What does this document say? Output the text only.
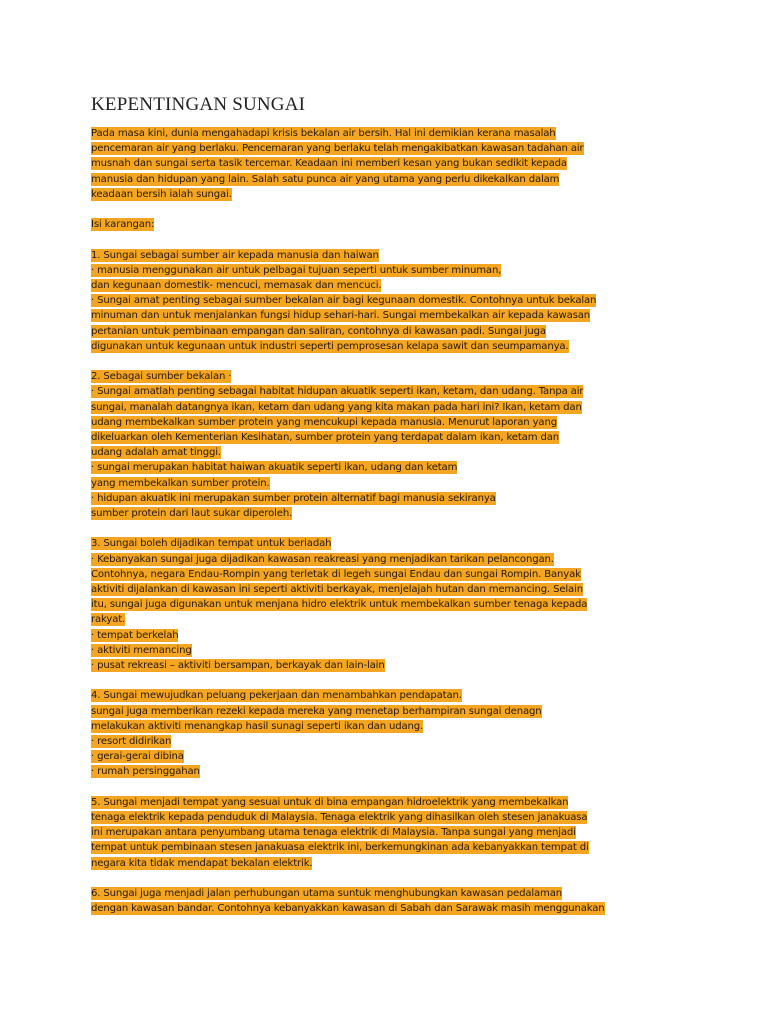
KEPENTINGAN SUNGAI

Pada masa kini, dunia mengahadapi krisis bekalan air bersih. Hal ini demikian kerana masalah
pencemaran air yang berlaku. Pencemaran yang berlaku telah mengakibatkan kawasan tadahan air
musnah dan sungai serta tasik tercemar. Keadaan ini memberi kesan yang bukan sedikit kepada
manusia dan hidupan yang lain. Salah satu punca air yang utama yang perlu dikekalkan dalam
keadaan bersih ialah sungai.

Isi karangan:

1. Sungai sebagai sumber air kepada manusia dan haiwan
· manusia menggunakan air untuk pelbagai tujuan seperti untuk sumber minuman,
dan kegunaan domestik- mencuci, memasak dan mencuci.
· Sungai amat penting sebagai sumber bekalan air bagi kegunaan domestik. Contohnya untuk bekalan
minuman dan untuk menjalankan fungsi hidup sehari-hari. Sungai membekalkan air kepada kawasan
pertanian untuk pembinaan empangan dan saliran, contohnya di kawasan padi. Sungai juga
digunakan untuk kegunaan untuk industri seperti pemprosesan kelapa sawit dan seumpamanya.

2. Sebagai sumber bekalan ·
· Sungai amatlah penting sebagai habitat hidupan akuatik seperti ikan, ketam, dan udang. Tanpa air
sungai, manalah datangnya ikan, ketam dan udang yang kita makan pada hari ini? Ikan, ketam dan
udang membekalkan sumber protein yang mencukupi kepada manusia. Menurut laporan yang
dikeluarkan oleh Kementerian Kesihatan, sumber protein yang terdapat dalam ikan, ketam dan
udang adalah amat tinggi.
· sungai merupakan habitat haiwan akuatik seperti ikan, udang dan ketam
yang membekalkan sumber protein.
· hidupan akuatik ini merupakan sumber protein alternatif bagi manusia sekiranya
sumber protein dari laut sukar diperoleh.

3. Sungai boleh dijadikan tempat untuk beriadah
· Kebanyakan sungai juga dijadikan kawasan reakreasi yang menjadikan tarikan pelancongan.
Contohnya, negara Endau-Rompin yang terletak di legeh sungai Endau dan sungai Rompin. Banyak
aktiviti dijalankan di kawasan ini seperti aktiviti berkayak, menjelajah hutan dan memancing. Selain
itu, sungai juga digunakan untuk menjana hidro elektrik untuk membekalkan sumber tenaga kepada
rakyat.
· tempat berkelah
· aktiviti memancing
· pusat rekreasi – aktiviti bersampan, berkayak dan lain-lain

4. Sungai mewujudkan peluang pekerjaan dan menambahkan pendapatan.
sungai juga memberikan rezeki kepada mereka yang menetap berhampiran sungai denagn
melakukan aktiviti menangkap hasil sunagi seperti ikan dan udang.
· resort didirikan
· gerai-gerai dibina
· rumah persinggahan

5. Sungai menjadi tempat yang sesuai untuk di bina empangan hidroelektrik yang membekalkan
tenaga elektrik kepada penduduk di Malaysia. Tenaga elektrik yang dihasilkan oleh stesen janakuasa
ini merupakan antara penyumbang utama tenaga elektrik di Malaysia. Tanpa sungai yang menjadi
tempat untuk pembinaan stesen janakuasa elektrik ini, berkemungkinan ada kebanyakkan tempat di
negara kita tidak mendapat bekalan elektrik.

6. Sungai juga menjadi jalan perhubungan utama suntuk menghubungkan kawasan pedalaman
dengan kawasan bandar. Contohnya kebanyakkan kawasan di Sabah dan Sarawak masih menggunakan
